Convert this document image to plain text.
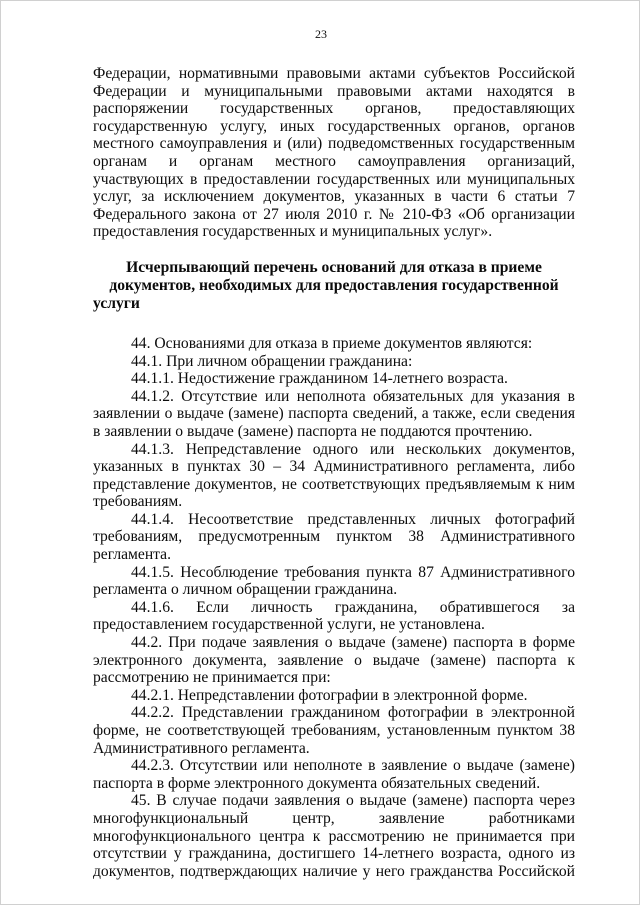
23

Федерации, нормативными правовыми актами субъектов Российской Федерации и муниципальными правовыми актами находятся в распоряжении государственных органов, предоставляющих государственную услугу, иных государственных органов, органов местного самоуправления и (или) подведомственных государственным органам и органам местного самоуправления организаций, участвующих в предоставлении государственных или муниципальных услуг, за исключением документов, указанных в части 6 статьи 7 Федерального закона от 27 июля 2010 г. № 210-ФЗ «Об организации предоставления государственных и муниципальных услуг».

Исчерпывающий перечень оснований для отказа в приеме документов, необходимых для предоставления государственной услуги

44. Основаниями для отказа в приеме документов являются:

44.1. При личном обращении гражданина:

44.1.1. Недостижение гражданином 14-летнего возраста.

44.1.2. Отсутствие или неполнота обязательных для указания в заявлении о выдаче (замене) паспорта сведений, а также, если сведения в заявлении о выдаче (замене) паспорта не поддаются прочтению.

44.1.3. Непредставление одного или нескольких документов, указанных в пунктах 30 – 34 Административного регламента, либо представление документов, не соответствующих предъявляемым к ним требованиям.

44.1.4. Несоответствие представленных личных фотографий требованиям, предусмотренным пунктом 38 Административного регламента.

44.1.5. Несоблюдение требования пункта 87 Административного регламента о личном обращении гражданина.

44.1.6. Если личность гражданина, обратившегося за предоставлением государственной услуги, не установлена.

44.2. При подаче заявления о выдаче (замене) паспорта в форме электронного документа, заявление о выдаче (замене) паспорта к рассмотрению не принимается при:

44.2.1. Непредставлении фотографии в электронной форме.

44.2.2. Представлении гражданином фотографии в электронной форме, не соответствующей требованиям, установленным пунктом 38 Административного регламента.

44.2.3. Отсутствии или неполноте в заявление о выдаче (замене) паспорта в форме электронного документа обязательных сведений.

45. В случае подачи заявления о выдаче (замене) паспорта через многофункциональный центр, заявление работниками многофункционального центра к рассмотрению не принимается при отсутствии у гражданина, достигшего 14-летнего возраста, одного из документов, подтверждающих наличие у него гражданства Российской
